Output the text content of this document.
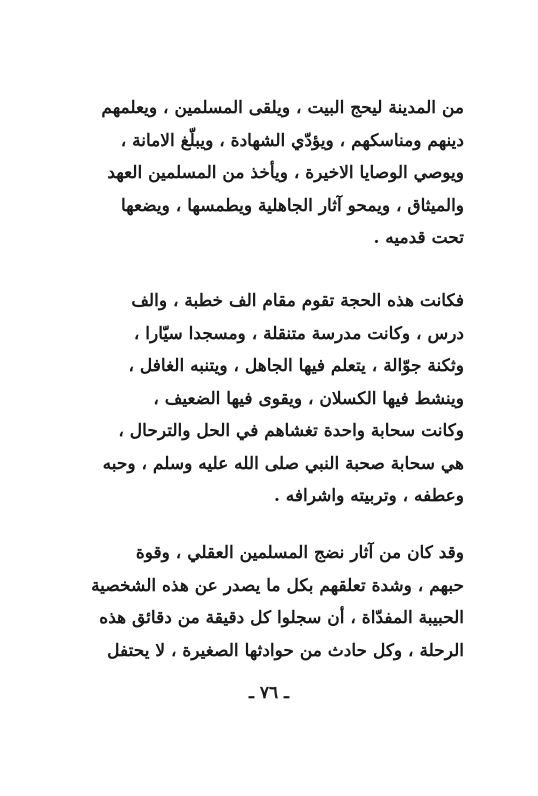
من المدينة ليحج البيت ، ويلقى المسلمين ، ويعلمهم
دينهم ومناسكهم ، ويؤدّي الشهادة ، ويبلّغ الامانة ،
ويوصي الوصايا الاخيرة ، ويأخذ من المسلمين العهد
والميثاق ، ويمحو آثار الجاهلية ويطمسها ، ويضعها
تحت قدميه .
فكانت هذه الحجة تقوم مقام الف خطبة ، والف
درس ، وكانت مدرسة متنقلة ، ومسجدا سيّارا ،
وثكنة جوّالة ، يتعلم فيها الجاهل ، ويتنبه الغافل ،
وينشط فيها الكسلان ، ويقوى فيها الضعيف ،
وكانت سحابة واحدة تغشاهم في الحل والترحال ،
هي سحابة صحبة النبي صلى الله عليه وسلم ، وحبه
وعطفه ، وتربيته واشرافه .
وقد كان من آثار نضج المسلمين العقلي ، وقوة
حبهم ، وشدة تعلقهم بكل ما يصدر عن هذه الشخصية
الحبيبة المفدّاة ، أن سجلوا كل دقيقة من دقائق هذه
الرحلة ، وكل حادث من حوادثها الصغيرة ، لا يحتفل
ـ ٧٦ ـ
